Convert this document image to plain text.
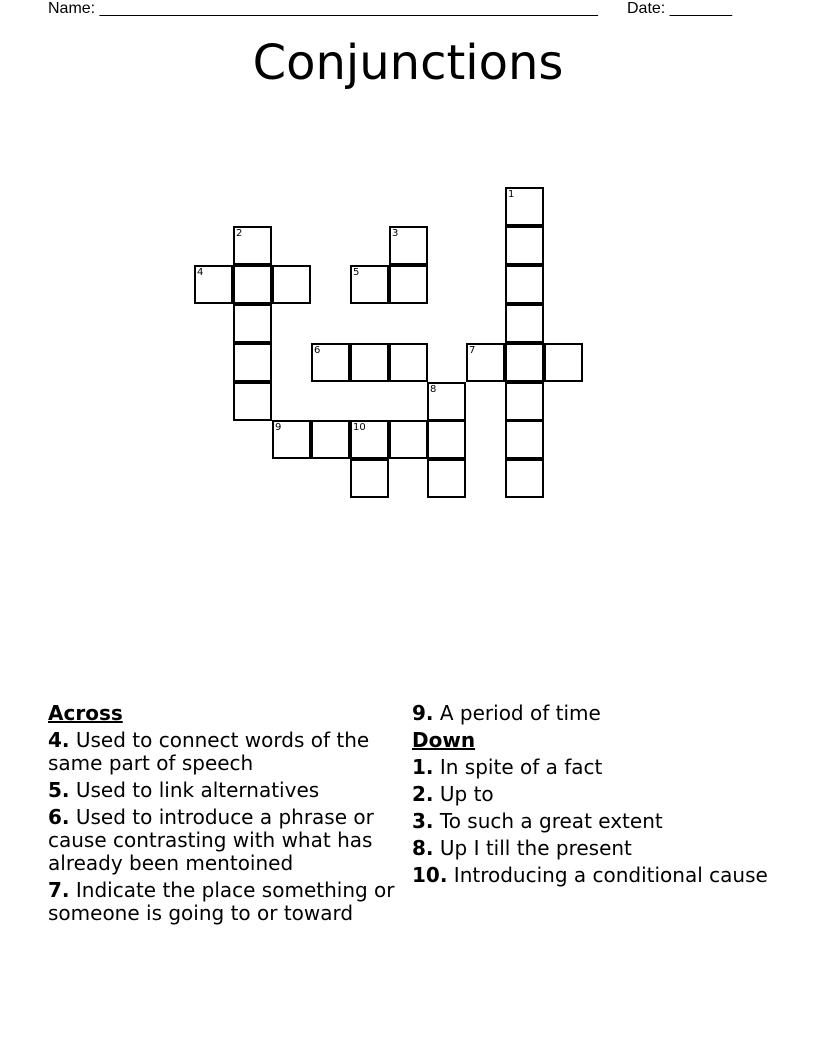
Name: ________________________________________________________ Date: _______
Conjunctions
1
2	3
4	5
6	7
8
9	10
Across
4. Used to connect words of the same part of speech
5. Used to link alternatives
6. Used to introduce a phrase or cause contrasting with what has already been mentoined
7. Indicate the place something or someone is going to or toward
9. A period of time
Down
1. In spite of a fact
2. Up to
3. To such a great extent
8. Up I till the present
10. Introducing a conditional cause
